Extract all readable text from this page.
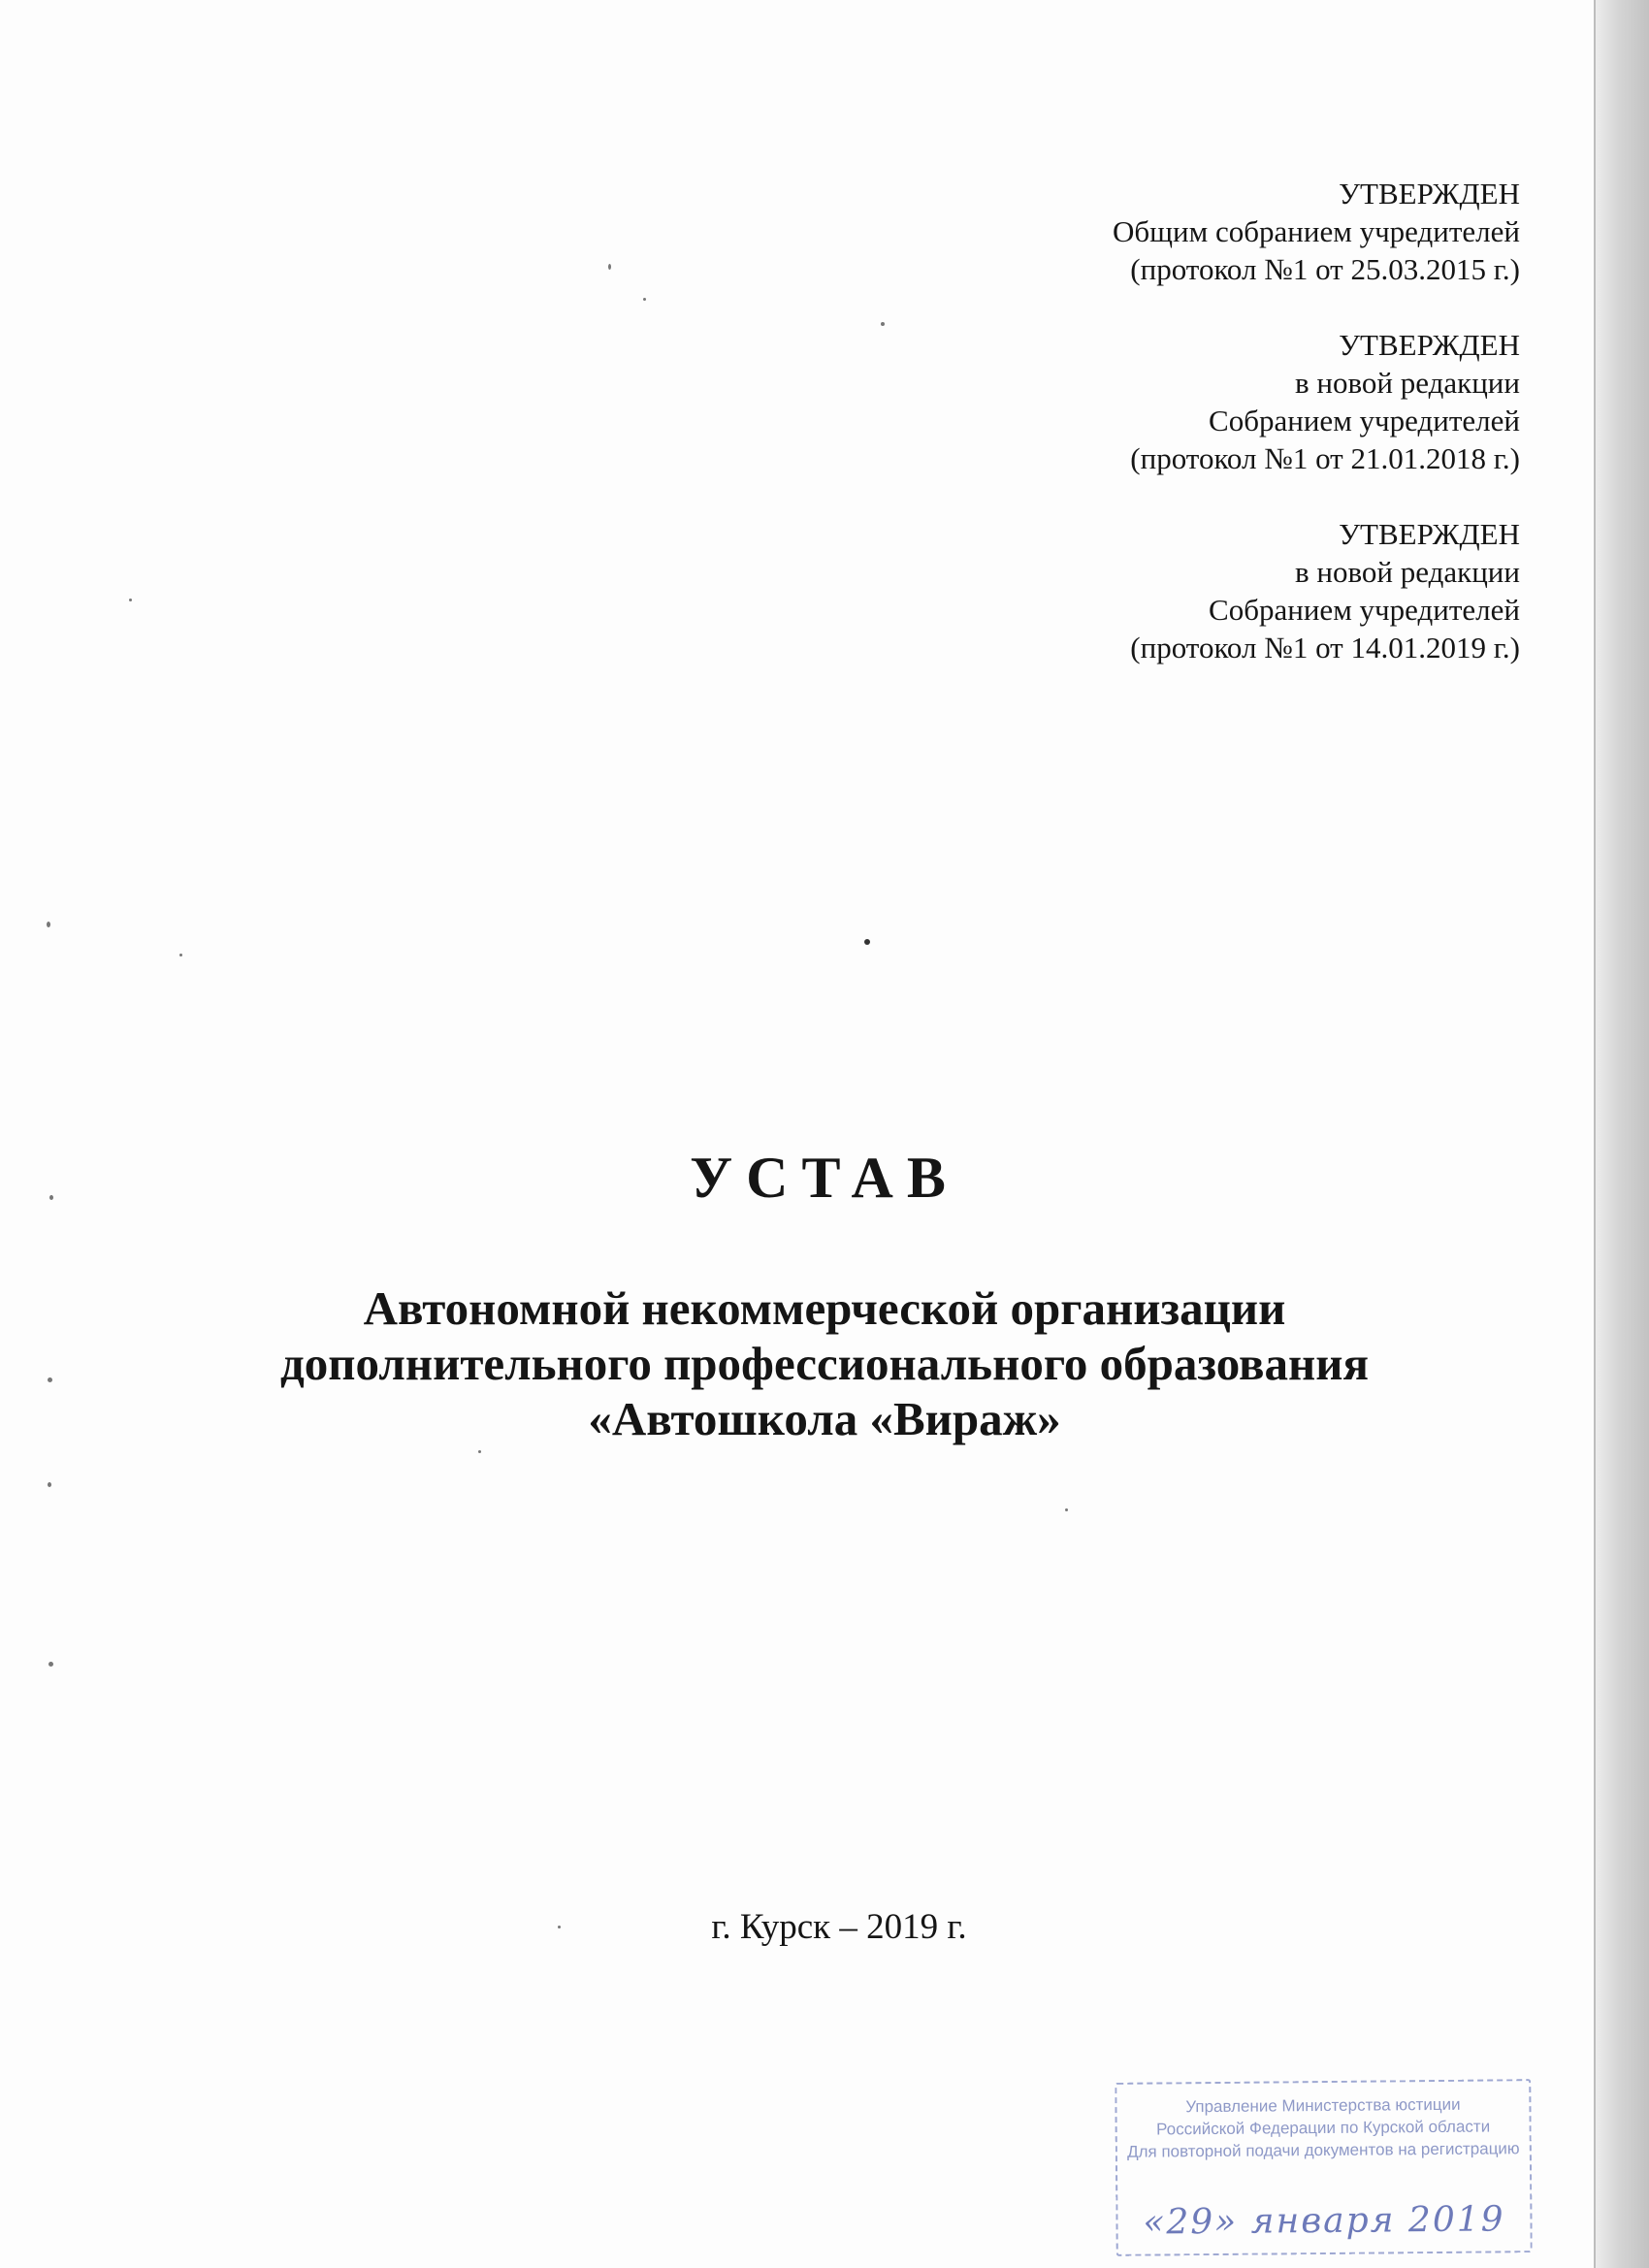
УТВЕРЖДЕН
Общим собранием учредителей
(протокол №1 от 25.03.2015 г.)
УТВЕРЖДЕН
в новой редакции
Собранием учредителей
(протокол №1 от 21.01.2018 г.)
УТВЕРЖДЕН
в новой редакции
Собранием учредителей
(протокол №1 от 14.01.2019 г.)
УСТАВ
Автономной некоммерческой организации
дополнительного профессионального образования
«Автошкола «Вираж»
г. Курск – 2019 г.
Управление Министерства юстиции
Российской Федерации по Курской области
Для повторной подачи документов на регистрацию
«29» января 2019
